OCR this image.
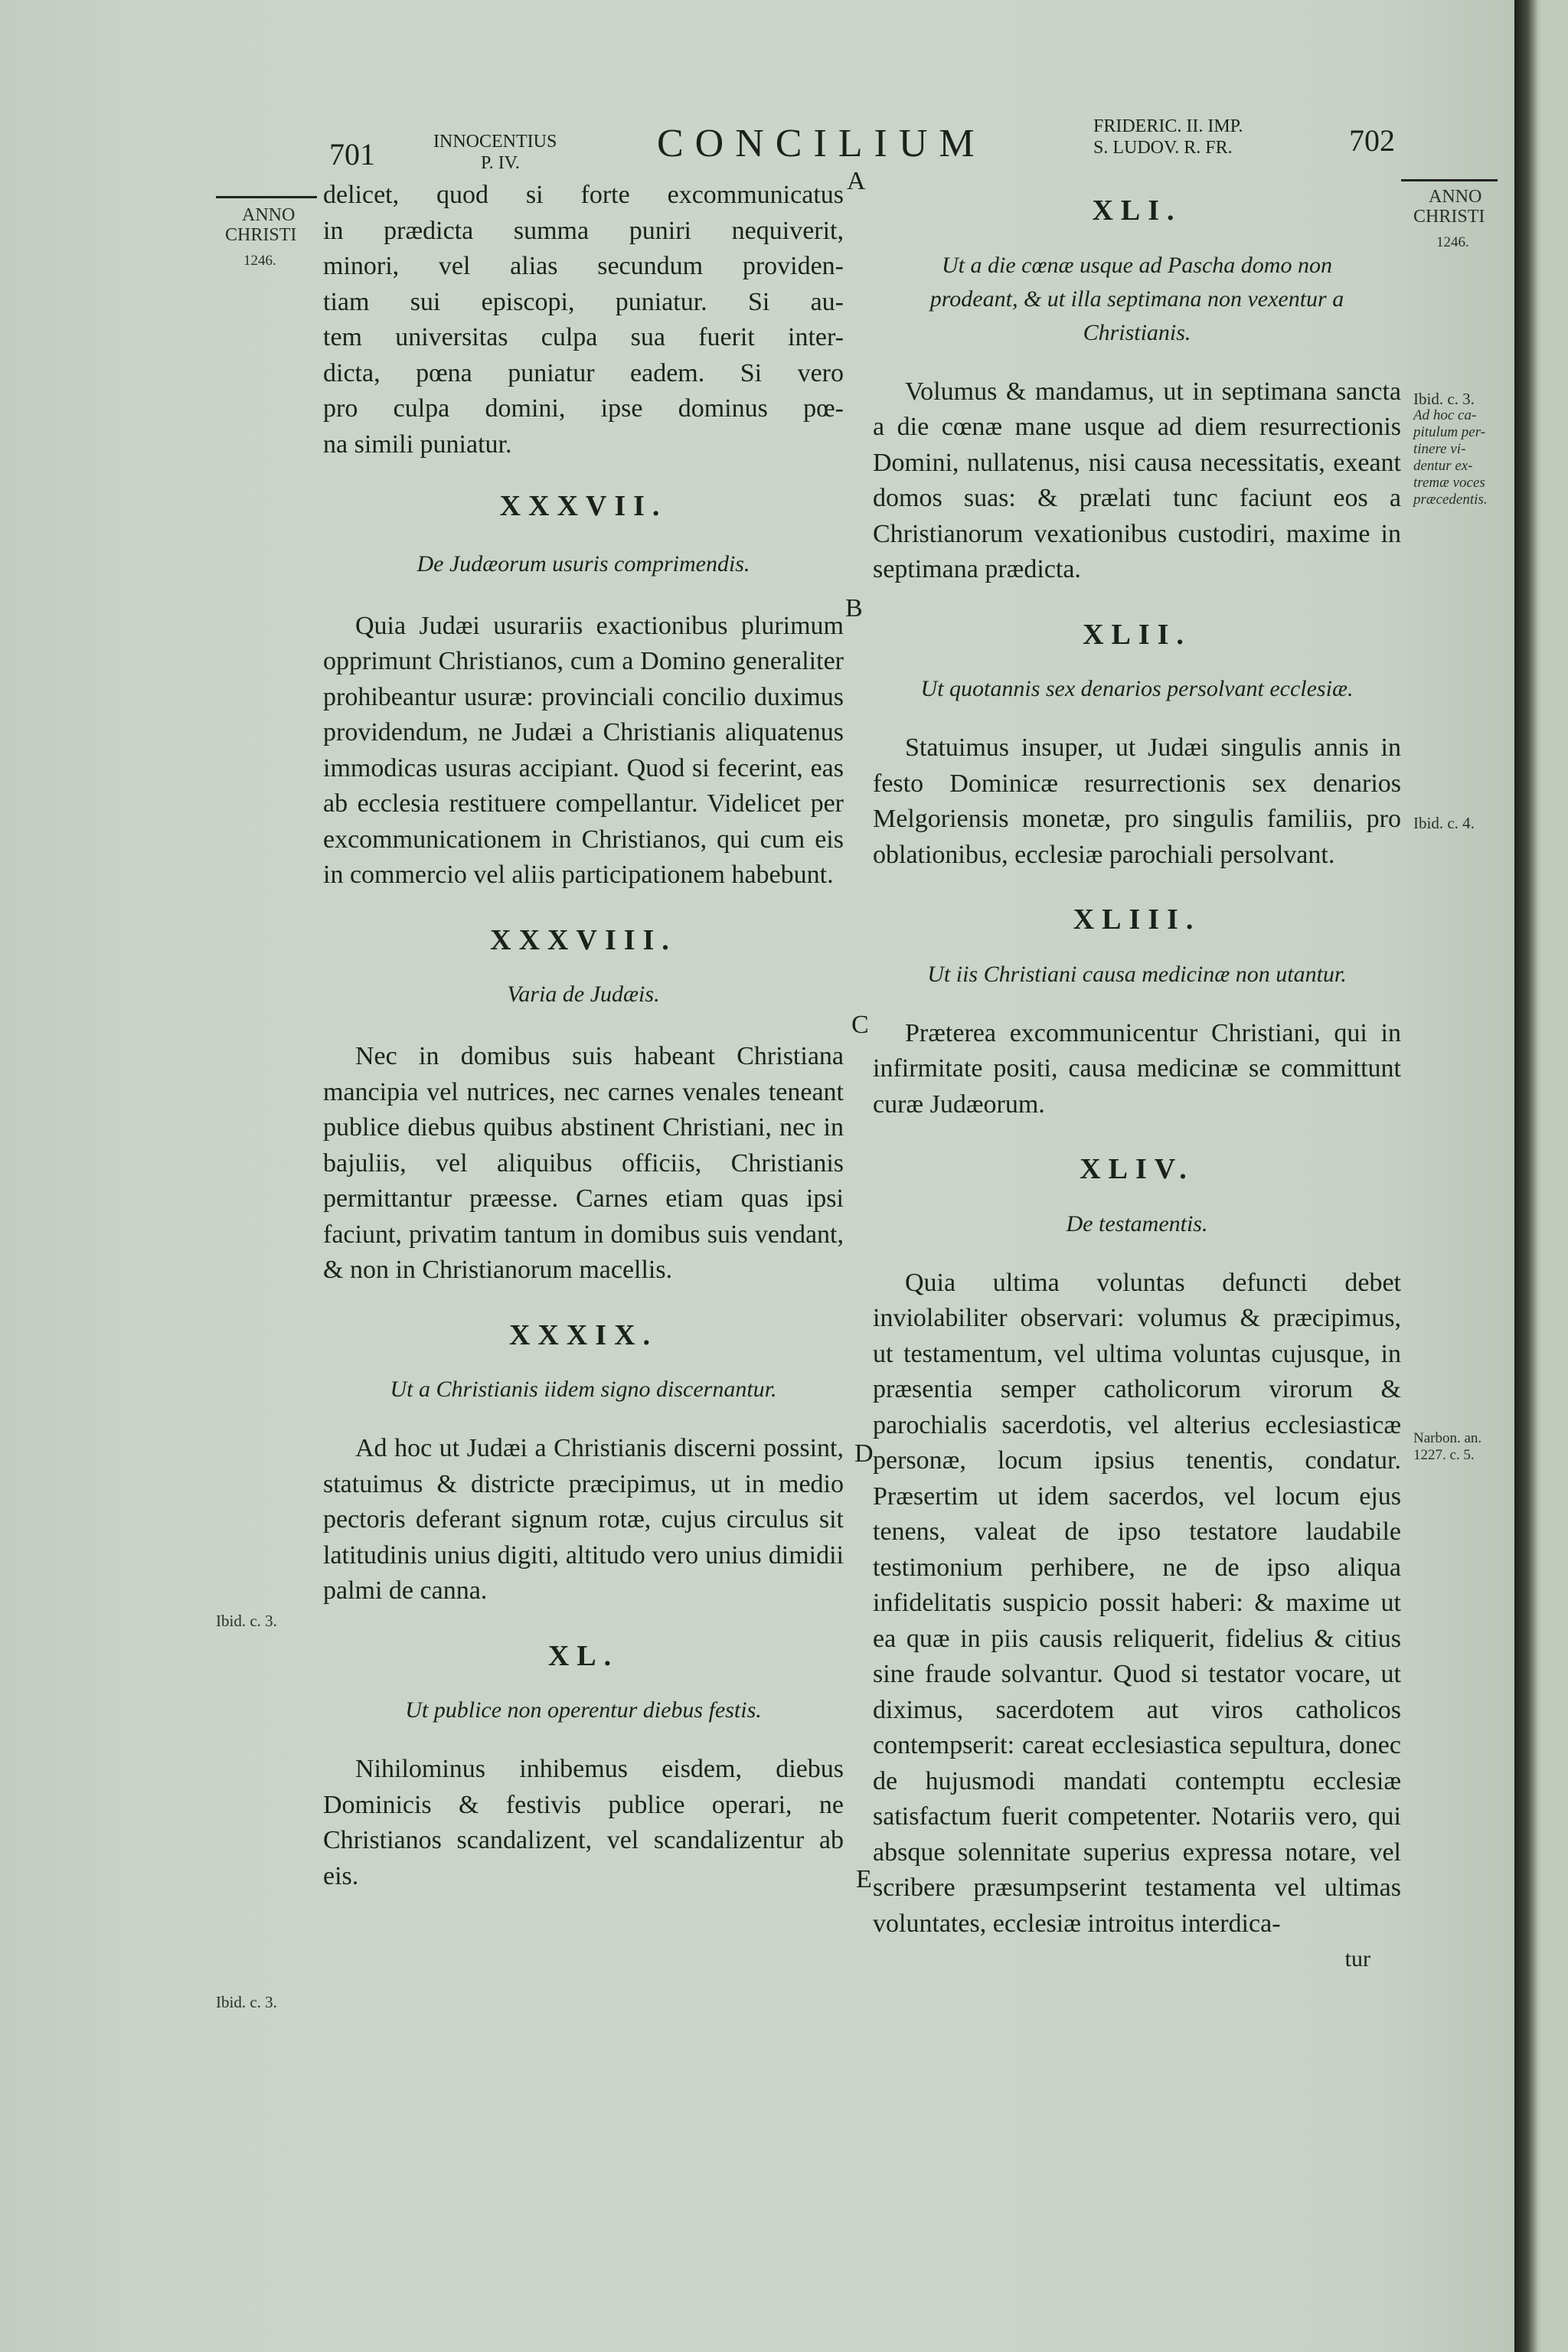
701	INNOCENTIUS
P. IV.	CONCILIUM	FRIDERIC. II. IMP.
S. LUDOV. R. FR.	702
ANNO
CHRISTI
1246.
Ibid. c. 3.
Ibid. c. 3.
ANNO
CHRISTI
1246.
Ibid. c. 3.
Ad hoc ca-
pitulum per-
tinere vi-
dentur ex-
tremæ voces
præcedentis.
Ibid. c. 4.
Narbon. an.
1227. c. 5.
A
B
C
D
E
delicet, quod si forte excommunicatus
in prædicta summa puniri nequiverit,
minori, vel alias secundum providen-
tiam sui episcopi, puniatur. Si au-
tem universitas culpa sua fuerit inter-
dicta, pœna puniatur eadem. Si vero
pro culpa domini, ipse dominus pœ-
na simili puniatur.
XXXVII.
De Judæorum usuris comprimendis.

Quia Judæi usurariis exactionibus plurimum opprimunt Christianos, cum a Domino generaliter prohibeantur usuræ: provinciali concilio duximus providendum, ne Judæi a Christianis aliquatenus immodicas usuras accipiant. Quod si fecerint, eas ab ecclesia restituere compellantur. Videlicet per excommunicationem in Christianos, qui cum eis in commercio vel aliis participationem habebunt.

XXXVIII.
Varia de Judæis.

Nec in domibus suis habeant Christiana mancipia vel nutrices, nec carnes venales teneant publice diebus quibus abstinent Christiani, nec in bajuliis, vel aliquibus officiis, Christianis permittantur præesse. Carnes etiam quas ipsi faciunt, privatim tantum in domibus suis vendant, & non in Christianorum macellis.

XXXIX.
Ut a Christianis iidem signo discernantur.

Ad hoc ut Judæi a Christianis discerni possint, statuimus & districte præcipimus, ut in medio pectoris deferant signum rotæ, cujus circulus sit latitudinis unius digiti, altitudo vero unius dimidii palmi de canna.

XL.
Ut publice non operentur diebus festis.

Nihilominus inhibemus eisdem, diebus Dominicis & festivis publice operari, ne Christianos scandalizent, vel scandalizentur ab eis.

XLI.
Ut a die cœnæ usque ad Pascha domo non prodeant, & ut illa septimana non vexentur a Christianis.

Volumus & mandamus, ut in septimana sancta a die cœnæ mane usque ad diem resurrectionis Domini, nullatenus, nisi causa necessitatis, exeant domos suas: & prælati tunc faciunt eos a Christianorum vexationibus custodiri, maxime in septimana prædicta.

XLII.
Ut quotannis sex denarios persolvant ecclesiæ.

Statuimus insuper, ut Judæi singulis annis in festo Dominicæ resurrectionis sex denarios Melgoriensis monetæ, pro singulis familiis, pro oblationibus, ecclesiæ parochiali persolvant.

XLIII.
Ut iis Christiani causa medicinæ non utantur.

Præterea excommunicentur Christiani, qui in infirmitate positi, causa medicinæ se committunt curæ Judæorum.

XLIV.
De testamentis.

Quia ultima voluntas defuncti debet inviolabiliter observari: volumus & præcipimus, ut testamentum, vel ultima voluntas cujusque, in præsentia semper catholicorum virorum & parochialis sacerdotis, vel alterius ecclesiasticæ personæ, locum ipsius tenentis, condatur. Præsertim ut idem sacerdos, vel locum ejus tenens, valeat de ipso testatore laudabile testimonium perhibere, ne de ipso aliqua infidelitatis suspicio possit haberi: & maxime ut ea quæ in piis causis reliquerit, fidelius & citius sine fraude solvantur. Quod si testator vocare, ut diximus, sacerdotem aut viros catholicos contempserit: careat ecclesiastica sepultura, donec de hujusmodi mandati contemptu ecclesiæ satisfactum fuerit competenter. Notariis vero, qui absque solennitate superius expressa notare, vel scribere præsumpserint testamenta vel ultimas voluntates, ecclesiæ introitus interdica-

tur
